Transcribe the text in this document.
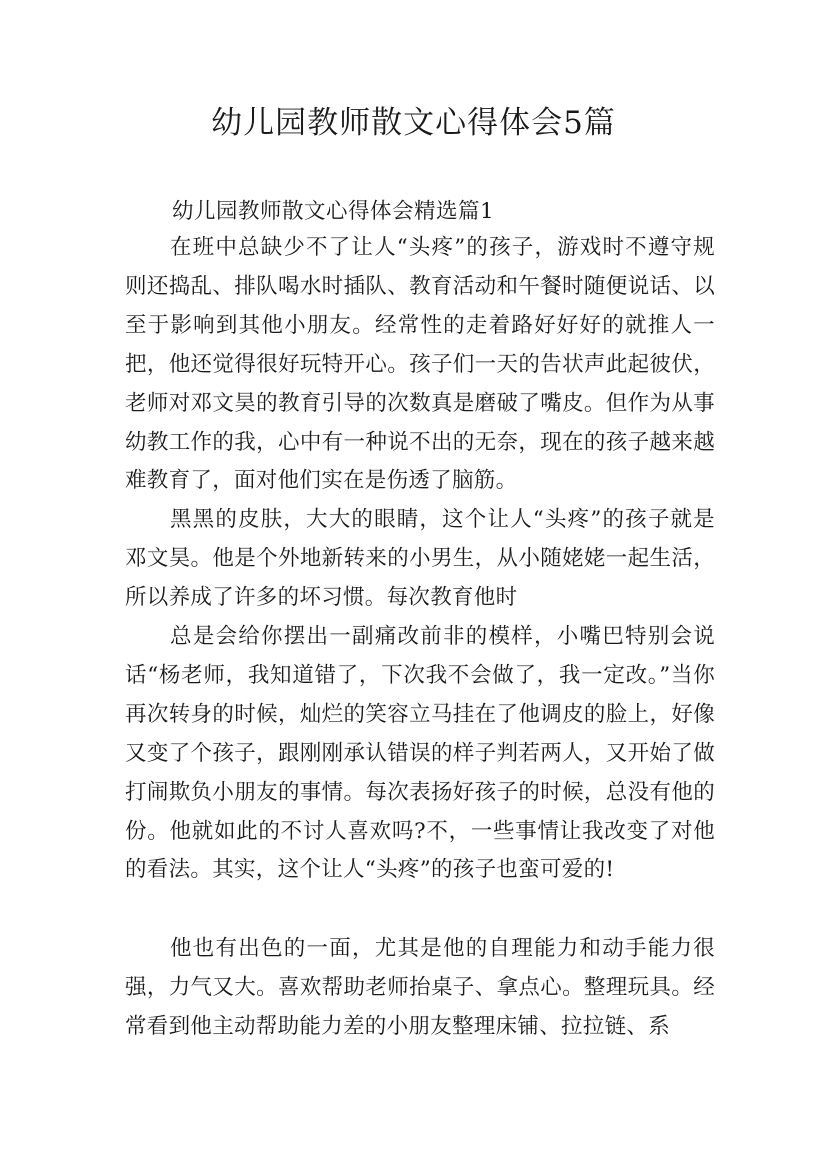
幼儿园教师散文心得体会5篇

幼儿园教师散文心得体会精选篇1

在班中总缺少不了让人“头疼”的孩子，游戏时不遵守规则还捣乱、排队喝水时插队、教育活动和午餐时随便说话、以至于影响到其他小朋友。经常性的走着路好好好的就推人一把，他还觉得很好玩特开心。孩子们一天的告状声此起彼伏，老师对邓文昊的教育引导的次数真是磨破了嘴皮。但作为从事幼教工作的我，心中有一种说不出的无奈，现在的孩子越来越难教育了，面对他们实在是伤透了脑筋。

黑黑的皮肤，大大的眼睛，这个让人“头疼”的孩子就是邓文昊。他是个外地新转来的小男生，从小随姥姥一起生活，所以养成了许多的坏习惯。每次教育他时

总是会给你摆出一副痛改前非的模样，小嘴巴特别会说话“杨老师，我知道错了，下次我不会做了，我一定改。”当你再次转身的时候，灿烂的笑容立马挂在了他调皮的脸上，好像又变了个孩子，跟刚刚承认错误的样子判若两人，又开始了做打闹欺负小朋友的事情。每次表扬好孩子的时候，总没有他的份。他就如此的不讨人喜欢吗?不，一些事情让我改变了对他的看法。其实，这个让人“头疼”的孩子也蛮可爱的!

他也有出色的一面，尤其是他的自理能力和动手能力很强，力气又大。喜欢帮助老师抬桌子、拿点心。整理玩具。经常看到他主动帮助能力差的小朋友整理床铺、拉拉链、系
